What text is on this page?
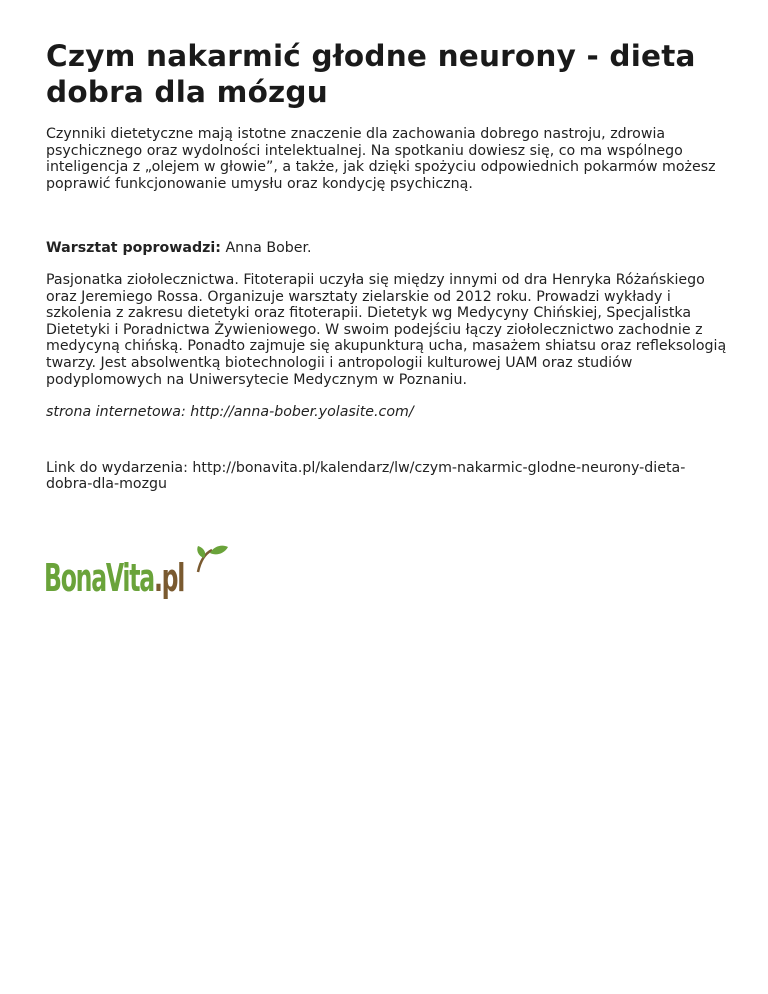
Czym nakarmić głodne neurony - dieta dobra dla mózgu

Czynniki dietetyczne mają istotne znaczenie dla zachowania dobrego nastroju, zdrowia psychicznego oraz wydolności intelektualnej. Na spotkaniu dowiesz się, co ma wspólnego inteligencja z „olejem w głowie”, a także, jak dzięki spożyciu odpowiednich pokarmów możesz poprawić funkcjonowanie umysłu oraz kondycję psychiczną.

Warsztat poprowadzi: Anna Bober.

Pasjonatka ziołolecznictwa. Fitoterapii uczyła się między innymi od dra Henryka Różańskiego oraz Jeremiego Rossa. Organizuje warsztaty zielarskie od 2012 roku. Prowadzi wykłady i szkolenia z zakresu dietetyki oraz fitoterapii. Dietetyk wg Medycyny Chińskiej, Specjalistka Dietetyki i Poradnictwa Żywieniowego. W swoim podejściu łączy ziołolecznictwo zachodnie z medycyną chińską. Ponadto zajmuje się akupunkturą ucha, masażem shiatsu oraz refleksologią twarzy. Jest absolwentką biotechnologii i antropologii kulturowej UAM oraz studiów podyplomowych na Uniwersytecie Medycznym w Poznaniu.

strona internetowa: http://anna-bober.yolasite.com/

Link do wydarzenia: http://bonavita.pl/kalendarz/lw/czym-nakarmic-glodne-neurony-dieta-dobra-dla-mozgu

BonaVita.pl
